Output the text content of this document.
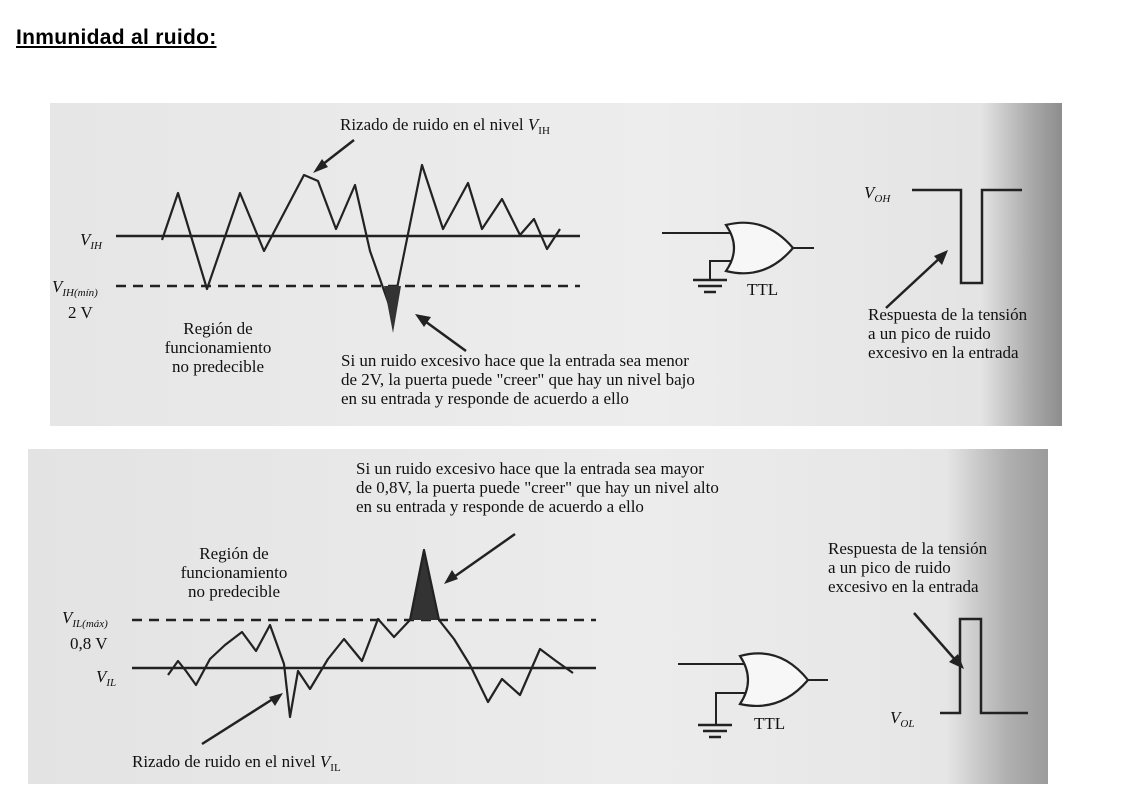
Inmunidad al ruido:
Rizado de ruido en el nivel $V_{IH}$
$V_{IH}$
$V_{IH(mín)}$
2 V
Región de
funcionamiento
no predecible	Si un ruido excesivo hace que la entrada sea menor
de 2V, la puerta puede "creer" que hay un nivel bajo
en su entrada y responde de acuerdo a ello
TTL
$V_{OH}$
Respuesta de la tensión
a un pico de ruido
excesivo en la entrada
Si un ruido excesivo hace que la entrada sea mayor
de 0,8V, la puerta puede "creer" que hay un nivel alto
en su entrada y responde de acuerdo a ello
Región de
funcionamiento
no predecible
$V_{IL(máx)}$
0,8 V
$V_{IL}$
Rizado de ruido en el nivel $V_{IL}$
TTL	$V_{OL}$
Respuesta de la tensión
a un pico de ruido
excesivo en la entrada
